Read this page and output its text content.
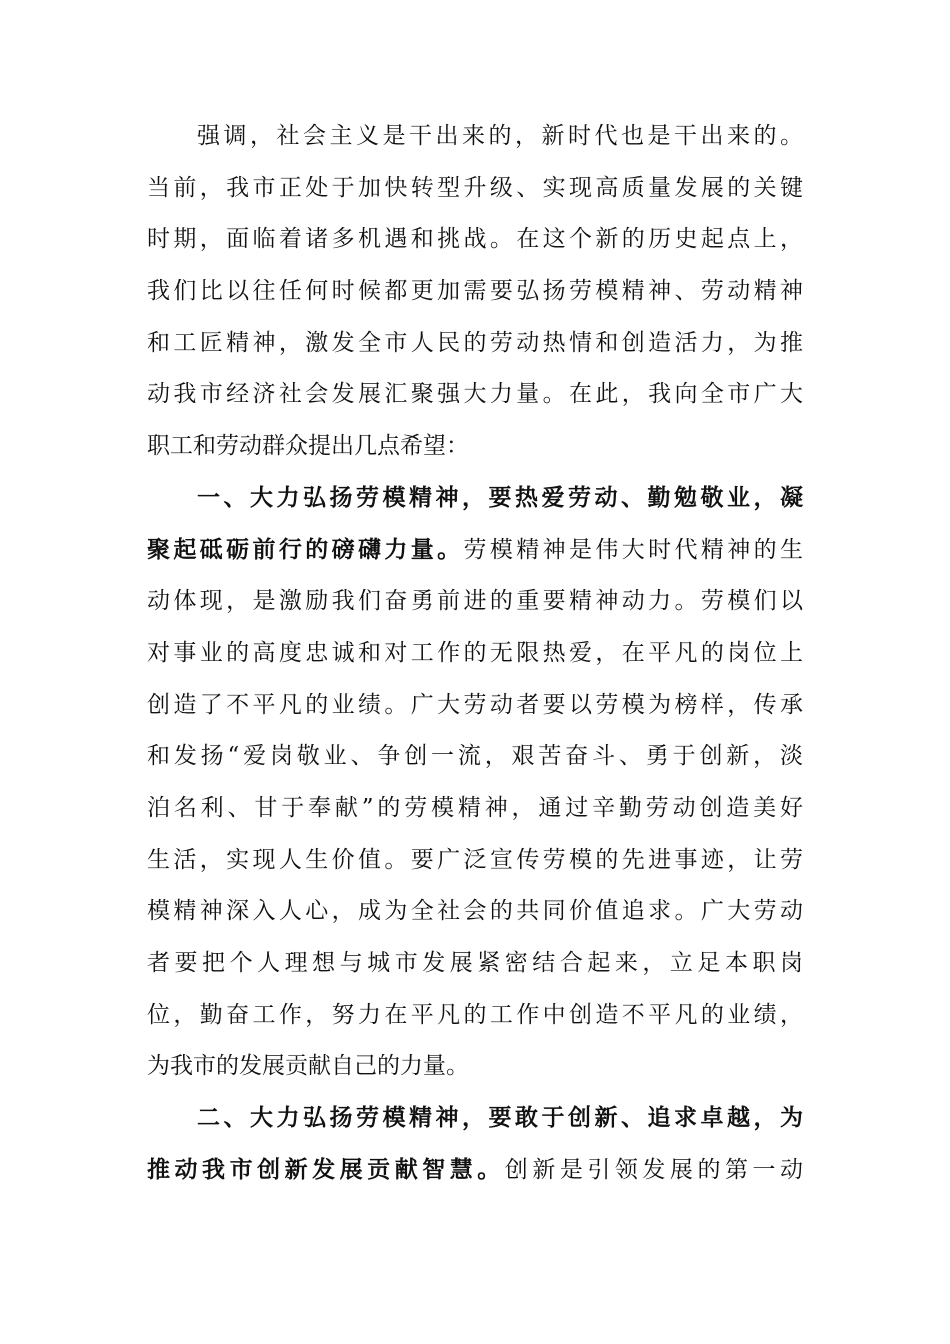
强调，社会主义是干出来的，新时代也是干出来的。
当前，我市正处于加快转型升级、实现高质量发展的关键
时期，面临着诸多机遇和挑战。在这个新的历史起点上，
我们比以往任何时候都更加需要弘扬劳模精神、劳动精神
和工匠精神，激发全市人民的劳动热情和创造活力，为推
动我市经济社会发展汇聚强大力量。在此，我向全市广大
职工和劳动群众提出几点希望：
一、大力弘扬劳模精神，要热爱劳动、勤勉敬业，凝
聚起砥砺前行的磅礴力量。劳模精神是伟大时代精神的生
动体现，是激励我们奋勇前进的重要精神动力。劳模们以
对事业的高度忠诚和对工作的无限热爱，在平凡的岗位上
创造了不平凡的业绩。广大劳动者要以劳模为榜样，传承
和发扬“爱岗敬业、争创一流，艰苦奋斗、勇于创新，淡
泊名利、甘于奉献”的劳模精神，通过辛勤劳动创造美好
生活，实现人生价值。要广泛宣传劳模的先进事迹，让劳
模精神深入人心，成为全社会的共同价值追求。广大劳动
者要把个人理想与城市发展紧密结合起来，立足本职岗
位，勤奋工作，努力在平凡的工作中创造不平凡的业绩，
为我市的发展贡献自己的力量。
二、大力弘扬劳模精神，要敢于创新、追求卓越，为
推动我市创新发展贡献智慧。创新是引领发展的第一动
